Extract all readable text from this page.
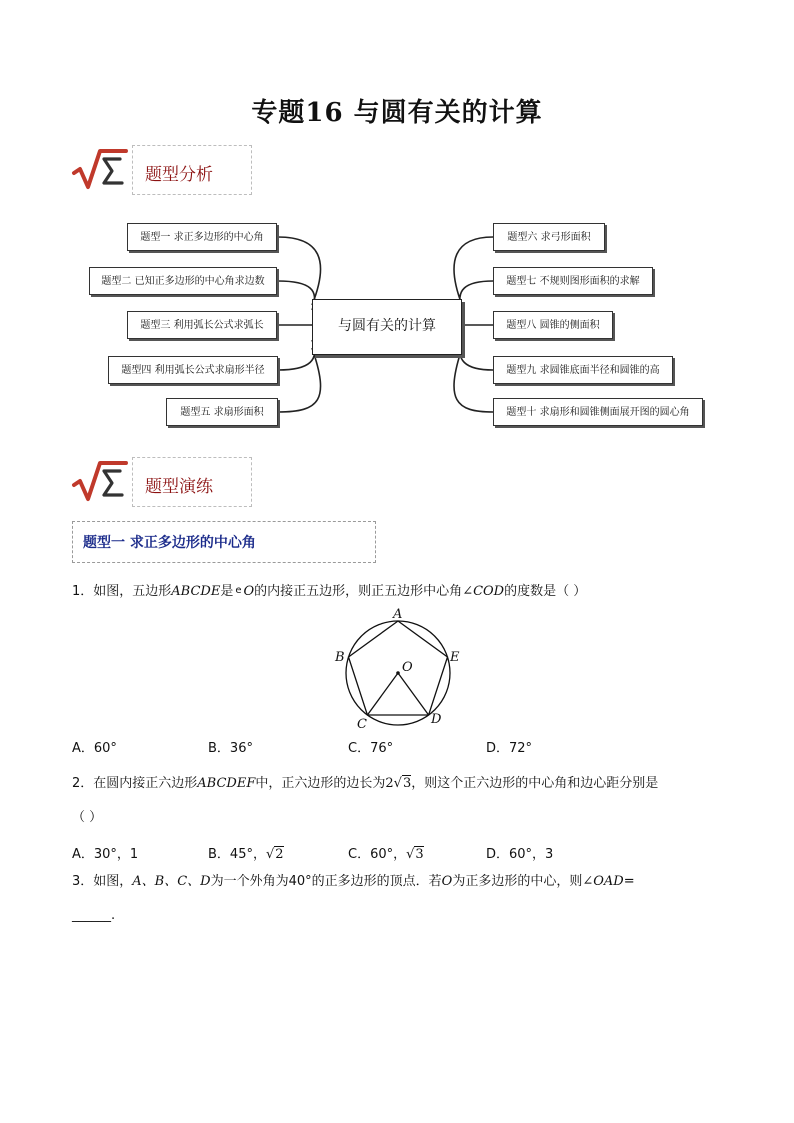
专题16 与圆有关的计算
题型分析
与圆有关的计算
题型一 求正多边形的中心角
题型二 已知正多边形的中心角求边数
题型三 利用弧长公式求弧长
题型四 利用弧长公式求扇形半径
题型五 求扇形面积
题型六 求弓形面积
题型七 不规则图形面积的求解
题型八 圆锥的侧面积
题型九 求圆锥底面半径和圆锥的高
题型十 求扇形和圆锥侧面展开图的圆心角
题型演练
题型一 求正多边形的中心角
1．如图，五边形ABCDE是 e O的内接正五边形，则正五边形中心角∠COD的度数是（ ）
A
B
C	D
E
O
A．60°	B．36°	C．76°	D．72°
2．在圆内接正六边形ABCDEF中，正六边形的边长为2√3，则这个正六边形的中心角和边心距分别是
（ ）
A．30°，1	B．45°，√2	C．60°，√3	D．60°，3
3．如图，A、B、C、D为一个外角为40°的正多边形的顶点．若O为正多边形的中心，则∠OAD=
______.
